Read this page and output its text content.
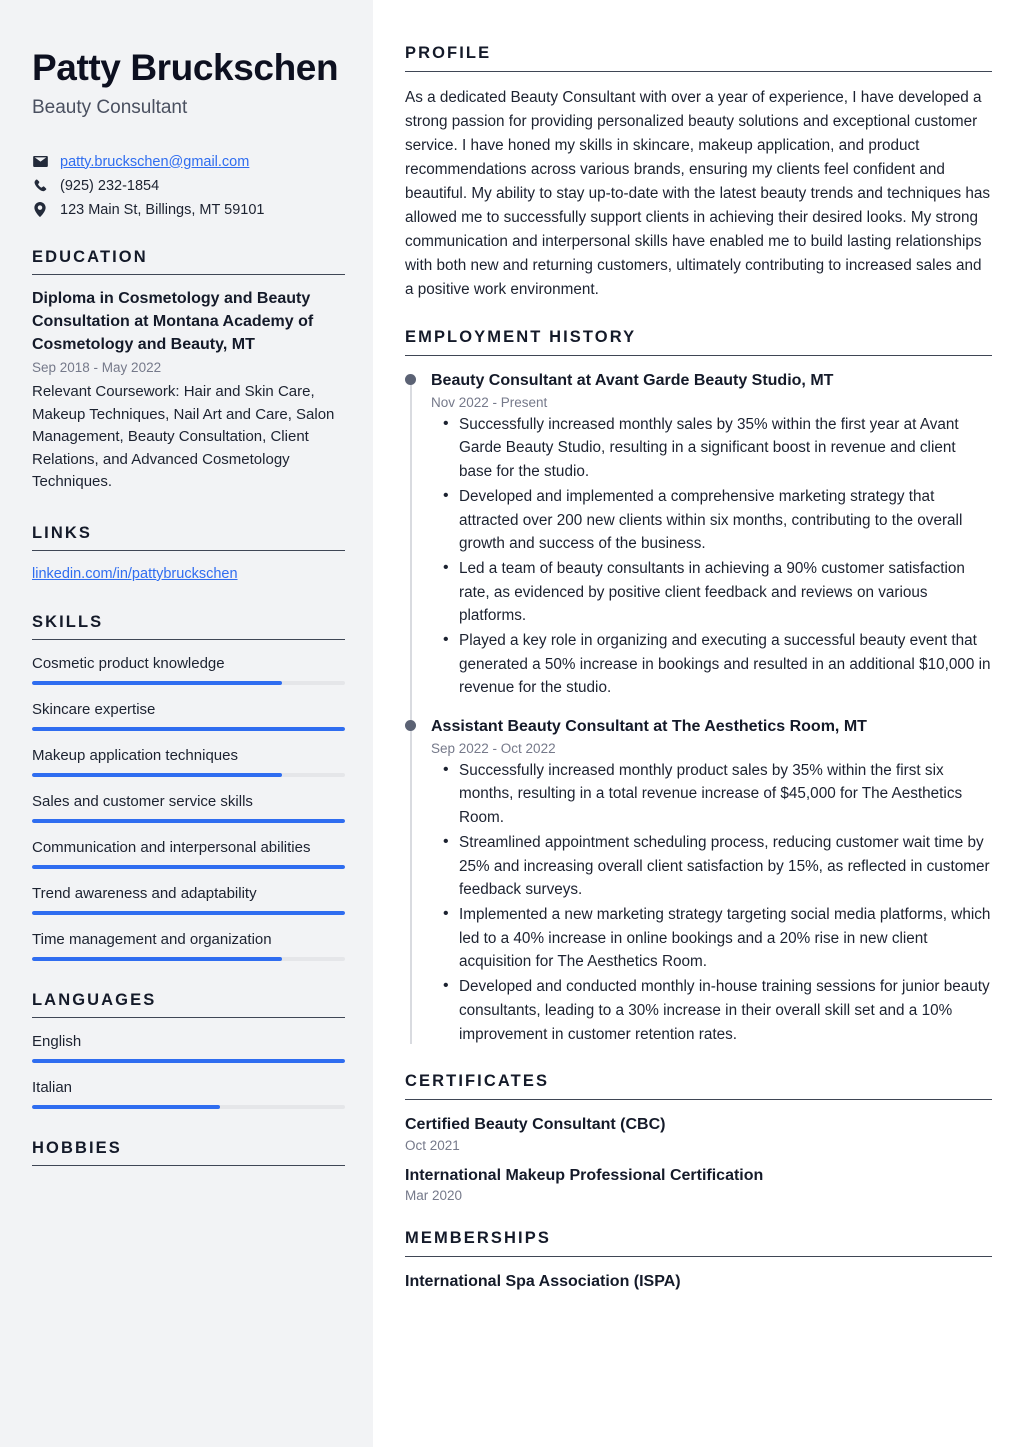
Patty Bruckschen
Beauty Consultant
patty.bruckschen@gmail.com
(925) 232-1854
123 Main St, Billings, MT 59101
EDUCATION
Diploma in Cosmetology and Beauty Consultation at Montana Academy of Cosmetology and Beauty, MT
Sep 2018 - May 2022
Relevant Coursework: Hair and Skin Care, Makeup Techniques, Nail Art and Care, Salon Management, Beauty Consultation, Client Relations, and Advanced Cosmetology Techniques.
LINKS
linkedin.com/in/pattybruckschen
SKILLS
Cosmetic product knowledge
Skincare expertise
Makeup application techniques
Sales and customer service skills
Communication and interpersonal abilities
Trend awareness and adaptability
Time management and organization
LANGUAGES
English
Italian
HOBBIES
PROFILE

As a dedicated Beauty Consultant with over a year of experience, I have developed a strong passion for providing personalized beauty solutions and exceptional customer service. I have honed my skills in skincare, makeup application, and product recommendations across various brands, ensuring my clients feel confident and beautiful. My ability to stay up-to-date with the latest beauty trends and techniques has allowed me to successfully support clients in achieving their desired looks. My strong communication and interpersonal skills have enabled me to build lasting relationships with both new and returning customers, ultimately contributing to increased sales and a positive work environment.

EMPLOYMENT HISTORY
Beauty Consultant at Avant Garde Beauty Studio, MT
Nov 2022 - Present
• Successfully increased monthly sales by 35% within the first year at Avant Garde Beauty Studio, resulting in a significant boost in revenue and client base for the studio.
• Developed and implemented a comprehensive marketing strategy that attracted over 200 new clients within six months, contributing to the overall growth and success of the business.
• Led a team of beauty consultants in achieving a 90% customer satisfaction rate, as evidenced by positive client feedback and reviews on various platforms.
• Played a key role in organizing and executing a successful beauty event that generated a 50% increase in bookings and resulted in an additional $10,000 in revenue for the studio.
Assistant Beauty Consultant at The Aesthetics Room, MT
Sep 2022 - Oct 2022
• Successfully increased monthly product sales by 35% within the first six months, resulting in a total revenue increase of $45,000 for The Aesthetics Room.
• Streamlined appointment scheduling process, reducing customer wait time by 25% and increasing overall client satisfaction by 15%, as reflected in customer feedback surveys.
• Implemented a new marketing strategy targeting social media platforms, which led to a 40% increase in online bookings and a 20% rise in new client acquisition for The Aesthetics Room.
• Developed and conducted monthly in-house training sessions for junior beauty consultants, leading to a 30% increase in their overall skill set and a 10% improvement in customer retention rates.
CERTIFICATES
Certified Beauty Consultant (CBC)
Oct 2021
International Makeup Professional Certification
Mar 2020
MEMBERSHIPS
International Spa Association (ISPA)
